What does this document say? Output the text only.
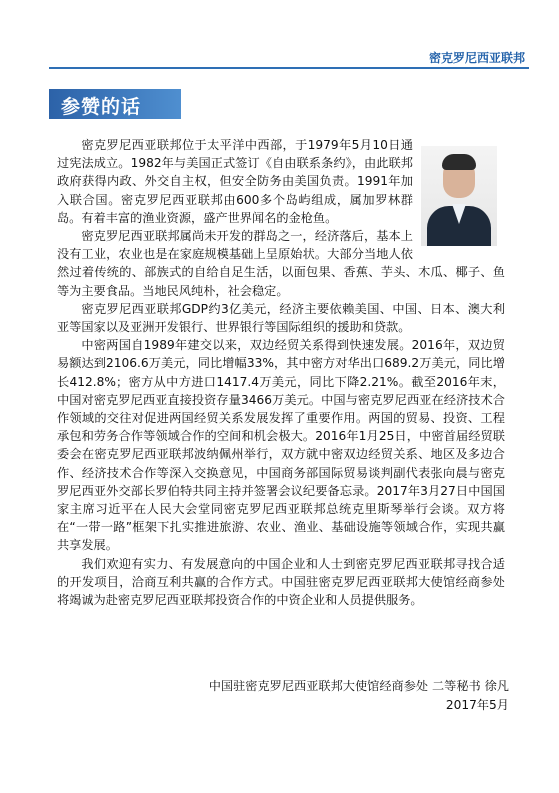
密克罗尼西亚联邦
参赞的话

密克罗尼西亚联邦位于太平洋中西部，于1979年5月10日通过宪法成立。1982年与美国正式签订《自由联系条约》，由此联邦政府获得内政、外交自主权，但安全防务由美国负责。1991年加入联合国。密克罗尼西亚联邦由600多个岛屿组成，属加罗林群岛。有着丰富的渔业资源，盛产世界闻名的金枪鱼。

密克罗尼西亚联邦属尚未开发的群岛之一，经济落后，基本上没有工业，农业也是在家庭规模基础上呈原始状。大部分当地人依然过着传统的、部族式的自给自足生活，以面包果、香蕉、芋头、木瓜、椰子、鱼等为主要食品。当地民风纯朴，社会稳定。

密克罗尼西亚联邦GDP约3亿美元，经济主要依赖美国、中国、日本、澳大利亚等国家以及亚洲开发银行、世界银行等国际组织的援助和贷款。

中密两国自1989年建交以来，双边经贸关系得到快速发展。2016年，双边贸易额达到2106.6万美元，同比增幅33%，其中密方对华出口689.2万美元，同比增长412.8%；密方从中方进口1417.4万美元，同比下降2.21%。截至2016年末，中国对密克罗尼西亚直接投资存量3466万美元。中国与密克罗尼西亚在经济技术合作领域的交往对促进两国经贸关系发展发挥了重要作用。两国的贸易、投资、工程承包和劳务合作等领域合作的空间和机会极大。2016年1月25日，中密首届经贸联委会在密克罗尼西亚联邦波纳佩州举行，双方就中密双边经贸关系、地区及多边合作、经济技术合作等深入交换意见，中国商务部国际贸易谈判副代表张向晨与密克罗尼西亚外交部长罗伯特共同主持并签署会议纪要备忘录。2017年3月27日中国国家主席习近平在人民大会堂同密克罗尼西亚联邦总统克里斯琴举行会谈。双方将在“一带一路”框架下扎实推进旅游、农业、渔业、基础设施等领域合作，实现共赢共享发展。

我们欢迎有实力、有发展意向的中国企业和人士到密克罗尼西亚联邦寻找合适的开发项目，洽商互利共赢的合作方式。中国驻密克罗尼西亚联邦大使馆经商参处将竭诚为赴密克罗尼西亚联邦投资合作的中资企业和人员提供服务。

中国驻密克罗尼西亚联邦大使馆经商参处 二等秘书 徐凡
2017年5月
